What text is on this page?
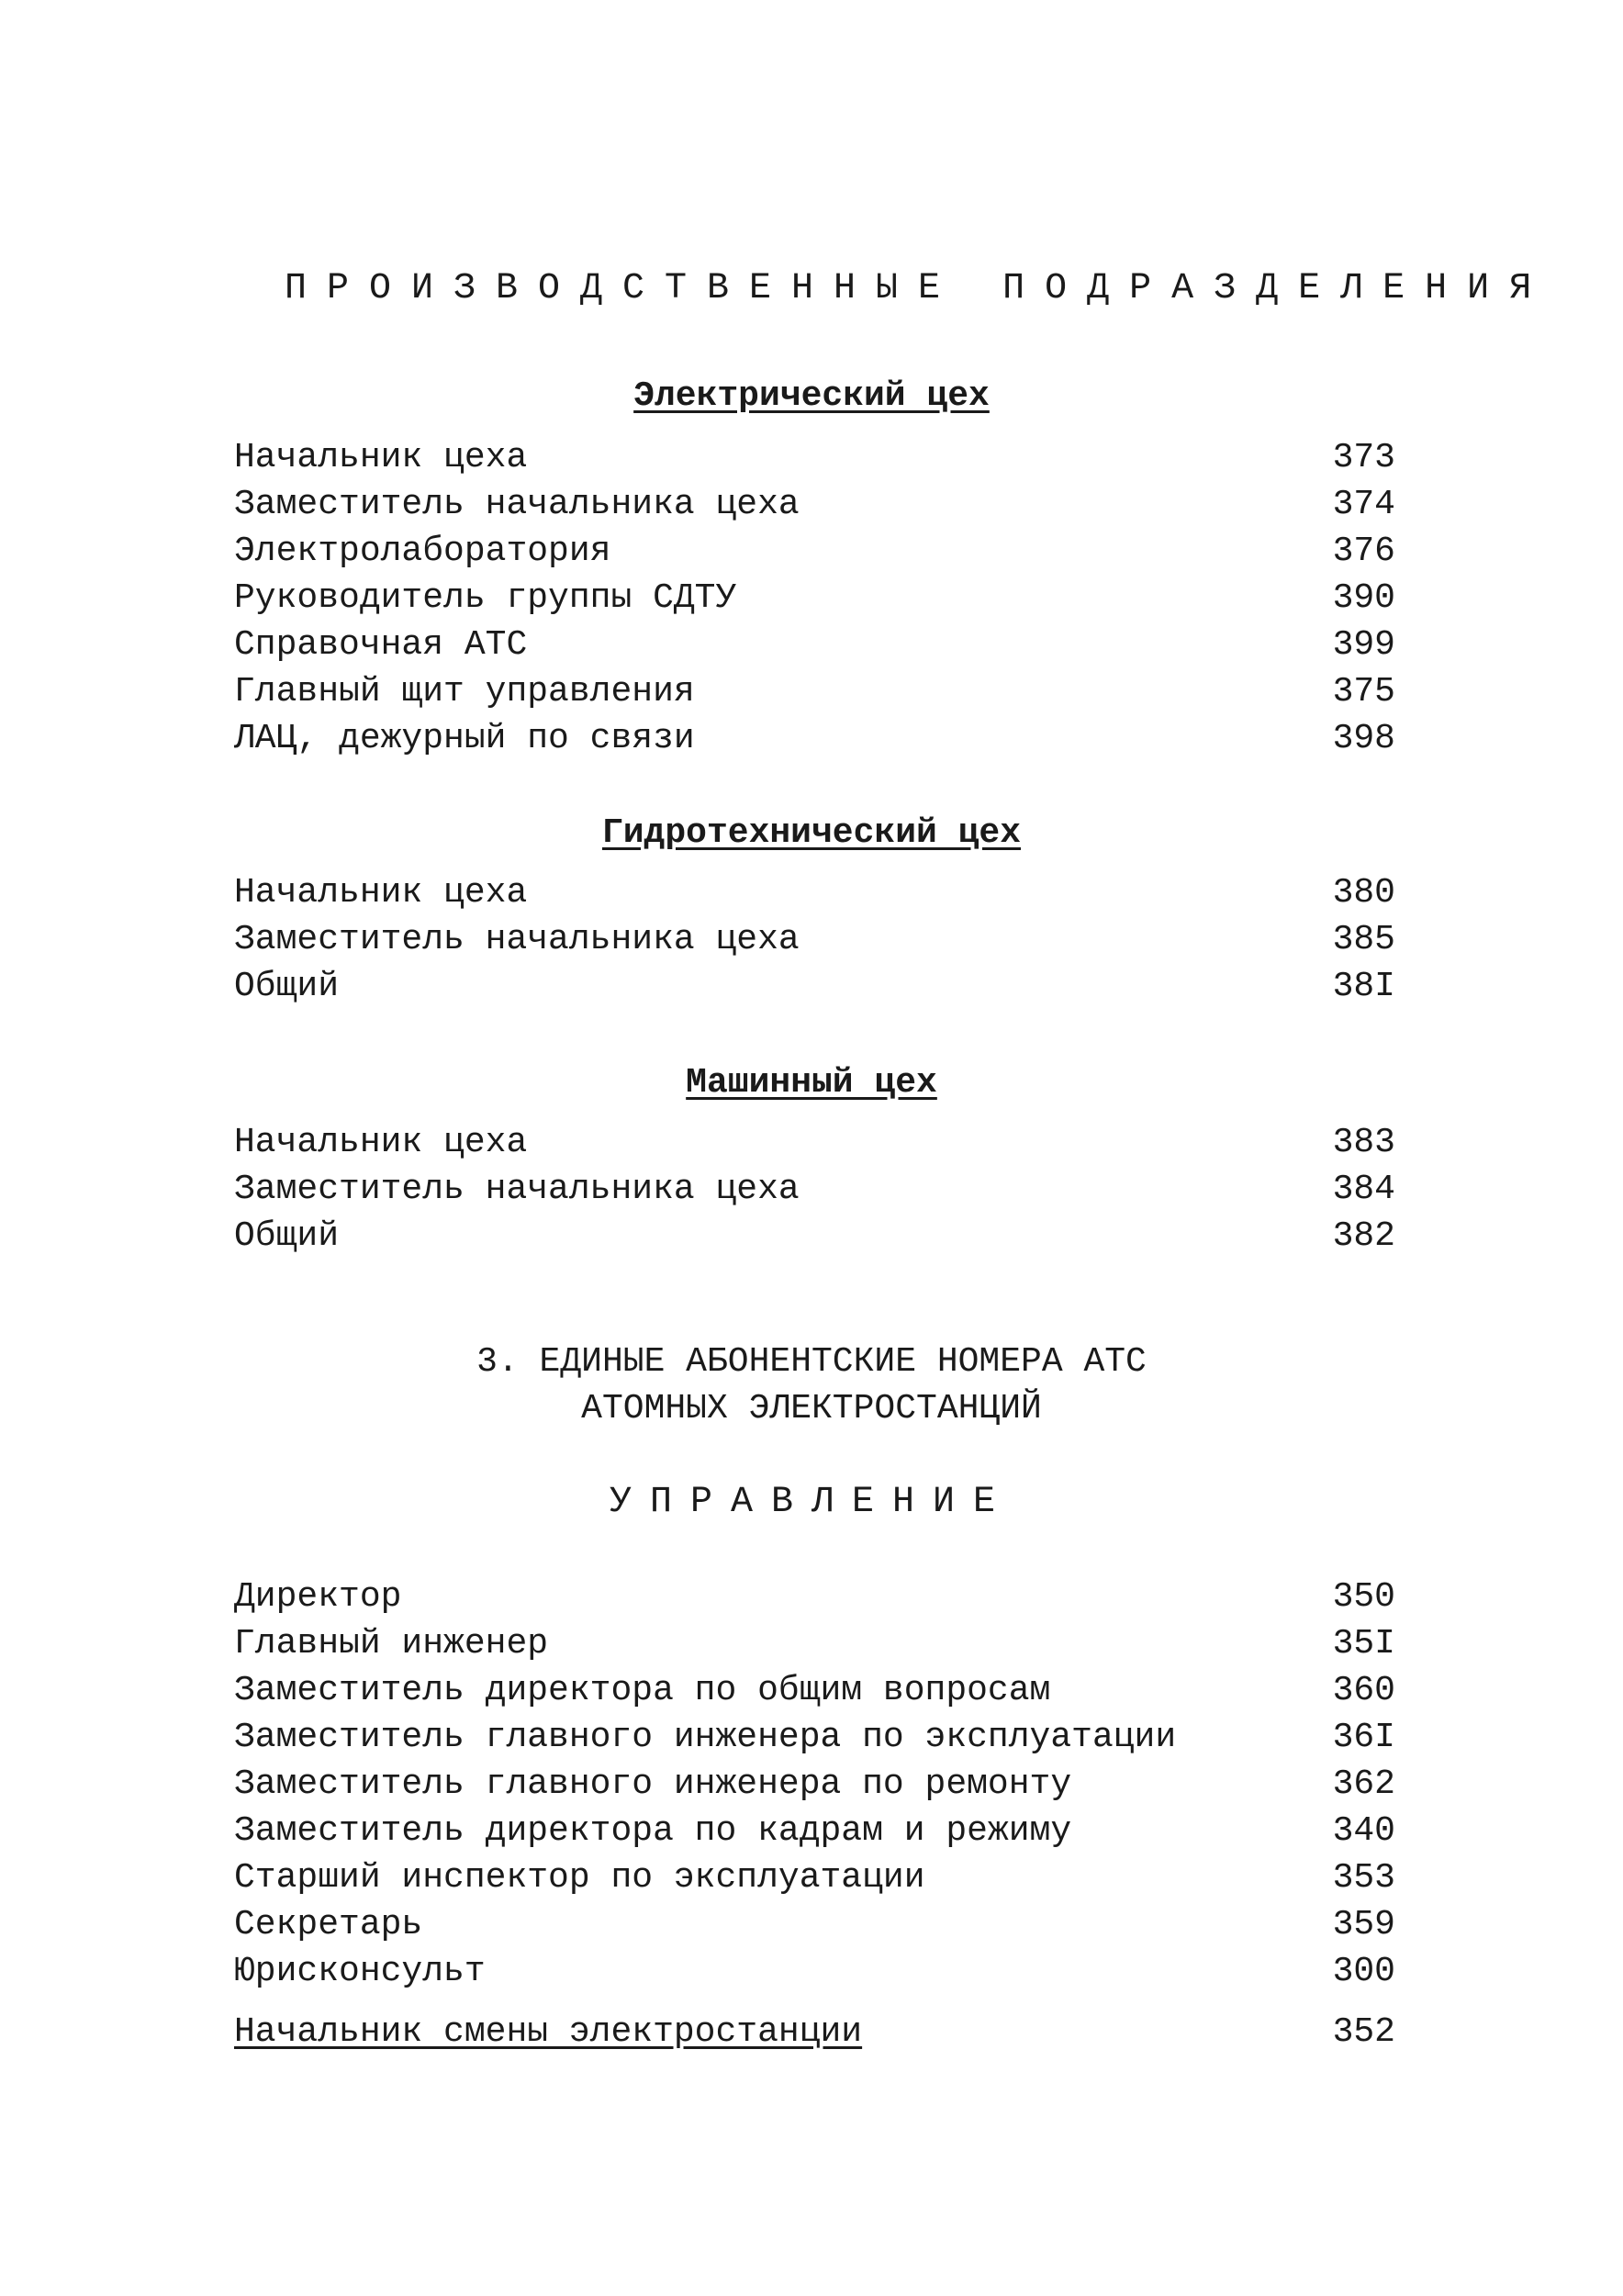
ПРОИЗВОДСТВЕННЫЕ ПОДРАЗДЕЛЕНИЯ
Электрический цех
Начальник цеха	373
Заместитель начальника цеха	374
Электролаборатория	376
Руководитель группы СДТУ	390
Справочная АТС	399
Главный щит управления	375
ЛАЦ, дежурный по связи	398
Гидротехнический цех
Начальник цеха	380
Заместитель начальника цеха	385
Общий	38I
Машинный цех
Начальник цеха	383
Заместитель начальника цеха	384
Общий	382
3. ЕДИНЫЕ АБОНЕНТСКИЕ НОМЕРА АТС
АТОМНЫХ ЭЛЕКТРОСТАНЦИЙ
УПРАВЛЕНИЕ
Директор	350
Главный инженер	35I
Заместитель директора по общим вопросам	360
Заместитель главного инженера по эксплуатации	36I
Заместитель главного инженера по ремонту	362
Заместитель директора по кадрам и режиму	340
Старший инспектор по эксплуатации	353
Секретарь	359
Юрисконсульт	300
Начальник смены электростанции	352
